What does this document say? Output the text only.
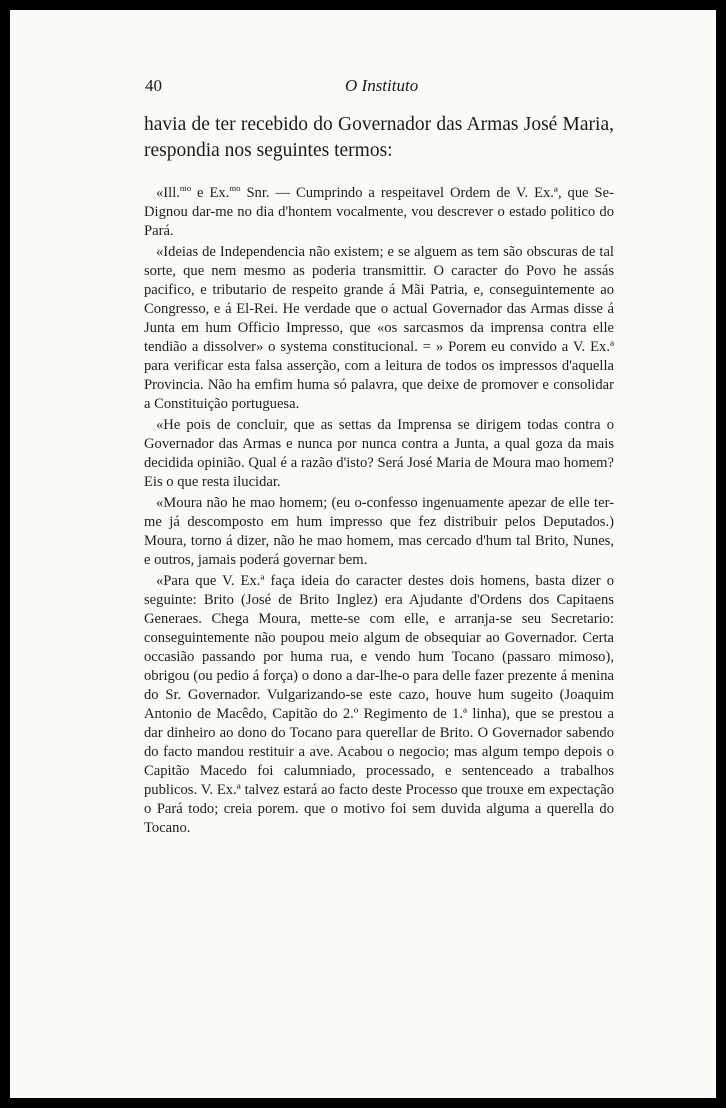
40	O Instituto
havia de ter recebido do Governador das Armas José Maria, respondia nos seguintes termos:

«Ill.$^{mo}$ e Ex.$^{mo}$ Snr. — Cumprindo a respeitavel Ordem de V. Ex.ª, que Se-Dignou dar-me no dia d'hontem vocalmente, vou descrever o estado politico do Pará.

«Ideias de Independencia não existem; e se alguem as tem são obscuras de tal sorte, que nem mesmo as poderia transmittir. O caracter do Povo he assás pacifico, e tributario de respeito grande á Mãi Patria, e, conseguintemente ao Congresso, e á El-Rei. He verdade que o actual Governador das Armas disse á Junta em hum Officio Impresso, que «os sarcasmos da imprensa contra elle tendião a dissolver» o systema constitucional. = » Porem eu convido a V. Ex.ª para verificar esta falsa asserção, com a leitura de todos os impressos d'aquella Provincia. Não ha emfim huma só palavra, que deixe de promover e consolidar a Constituição portuguesa.

«He pois de concluir, que as settas da Imprensa se dirigem todas contra o Governador das Armas e nunca por nunca contra a Junta, a qual goza da mais decidida opinião. Qual é a razão d'isto? Será José Maria de Moura mao homem? Eis o que resta ilucidar.

«Moura não he mao homem; (eu o-confesso ingenuamente apezar de elle ter-me já descomposto em hum impresso que fez distribuir pelos Deputados.) Moura, torno á dizer, não he mao homem, mas cercado d'hum tal Brito, Nunes, e outros, jamais poderá governar bem.

«Para que V. Ex.ª faça ideia do caracter destes dois homens, basta dizer o seguinte: Brito (José de Brito Inglez) era Ajudante d'Ordens dos Capitaens Generaes. Chega Moura, mette-se com elle, e arranja-se seu Secretario: conseguintemente não poupou meio algum de obsequiar ao Governador. Certa occasião passando por huma rua, e vendo hum Tocano (passaro mimoso), obrigou (ou pedio á força) o dono a dar-lhe-o para delle fazer prezente á menina do Sr. Governador. Vulgarizando-se este cazo, houve hum sugeito (Joaquim Antonio de Macêdo, Capitão do 2.º Regimento de 1.ª linha), que se prestou a dar dinheiro ao dono do Tocano para querellar de Brito. O Governador sabendo do facto mandou restituir a ave. Acabou o negocio; mas algum tempo depois o Capitão Macedo foi calumniado, processado, e sentenceado a trabalhos publicos. V. Ex.ª talvez estará ao facto deste Processo que trouxe em expectação o Pará todo; creia porem. que o motivo foi sem duvida alguma a querella do Tocano.
